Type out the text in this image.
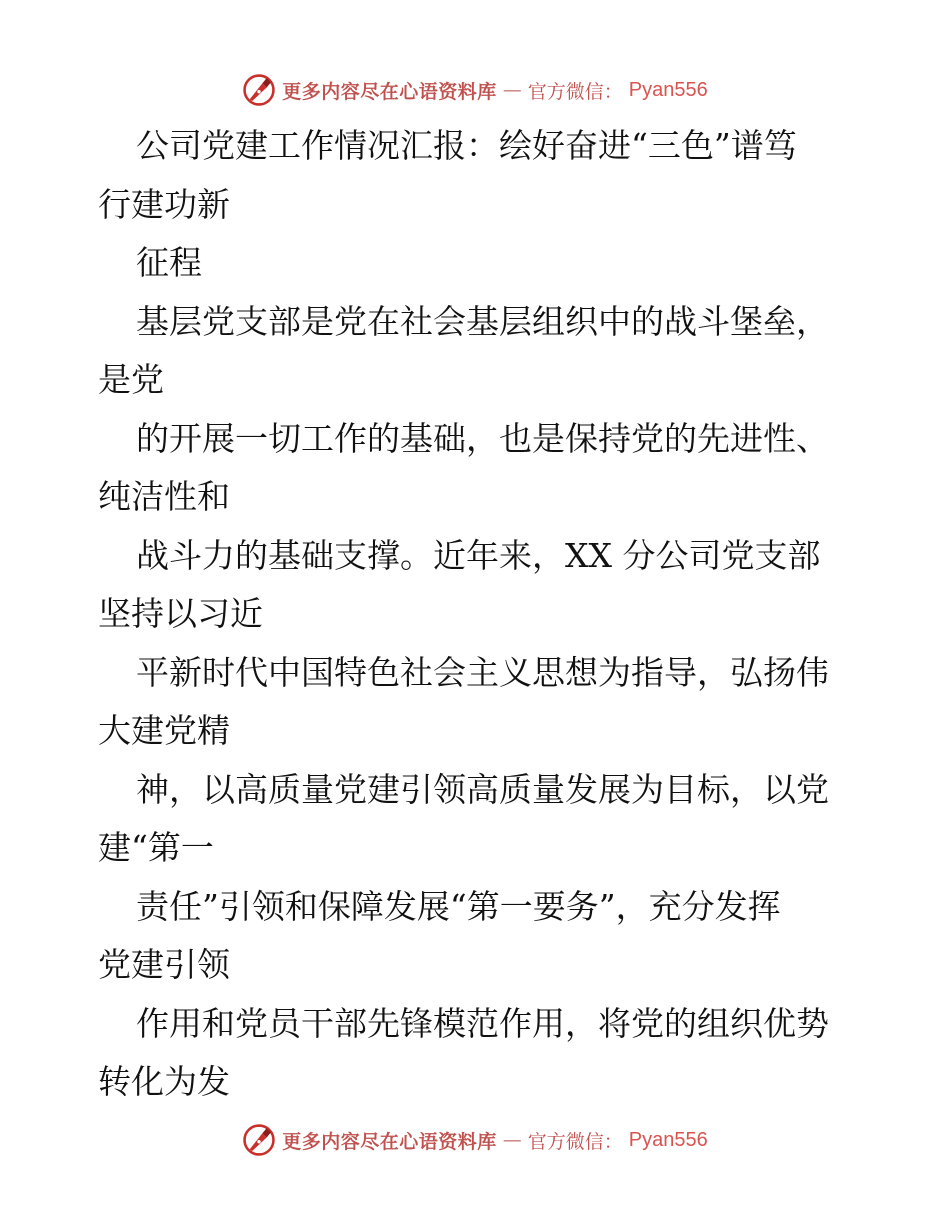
更多内容尽在心语资料库 — 官方微信： Pyan556
公司党建工作情况汇报：绘好奋进“三色”谱笃
行建功新
征程
基层党支部是党在社会基层组织中的战斗堡垒，
是党
的开展一切工作的基础，也是保持党的先进性、
纯洁性和
战斗力的基础支撑。近年来，XX 分公司党支部
坚持以习近
平新时代中国特色社会主义思想为指导，弘扬伟
大建党精
神，以高质量党建引领高质量发展为目标，以党
建“第一
责任”引领和保障发展“第一要务”，充分发挥
党建引领
作用和党员干部先锋模范作用，将党的组织优势
转化为发
更多内容尽在心语资料库 — 官方微信： Pyan556
